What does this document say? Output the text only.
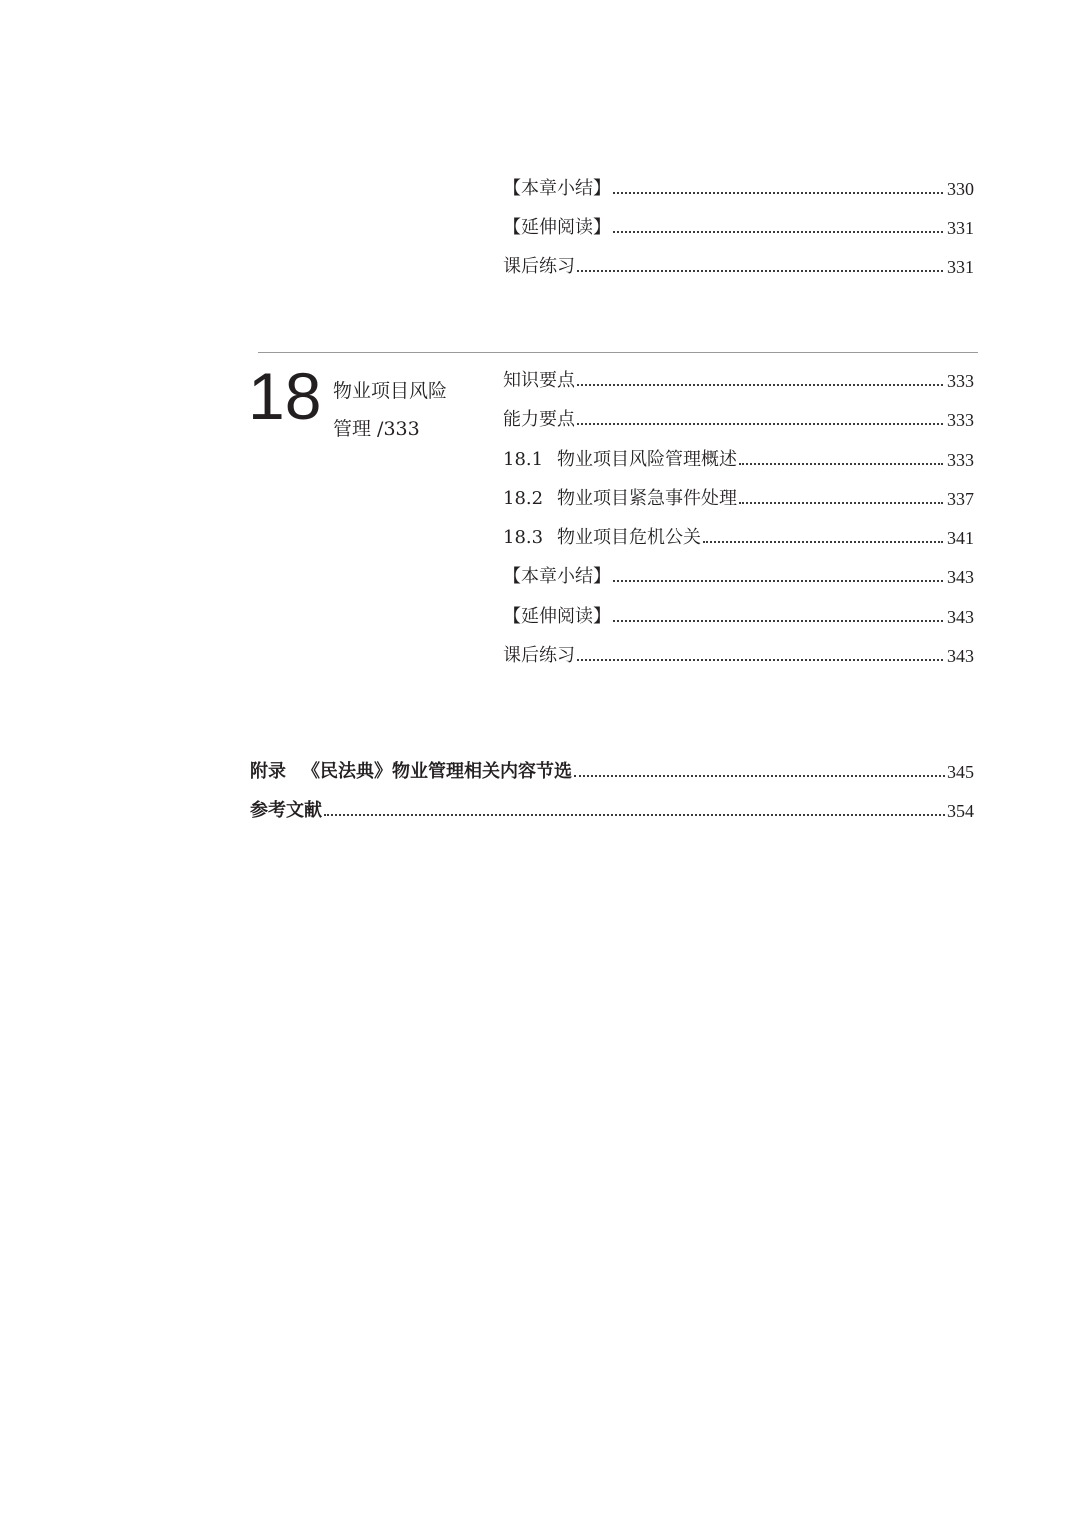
【本章小结】	330
【延伸阅读】	331
课后练习	331
18 物业项目风险
管理 /333
知识要点	333
能力要点	333
18.1 物业项目风险管理概述	333
18.2 物业项目紧急事件处理	337
18.3 物业项目危机公关	341
【本章小结】	343
【延伸阅读】	343
课后练习	343
附录 《民法典》物业管理相关内容节选	345
参考文献	354
